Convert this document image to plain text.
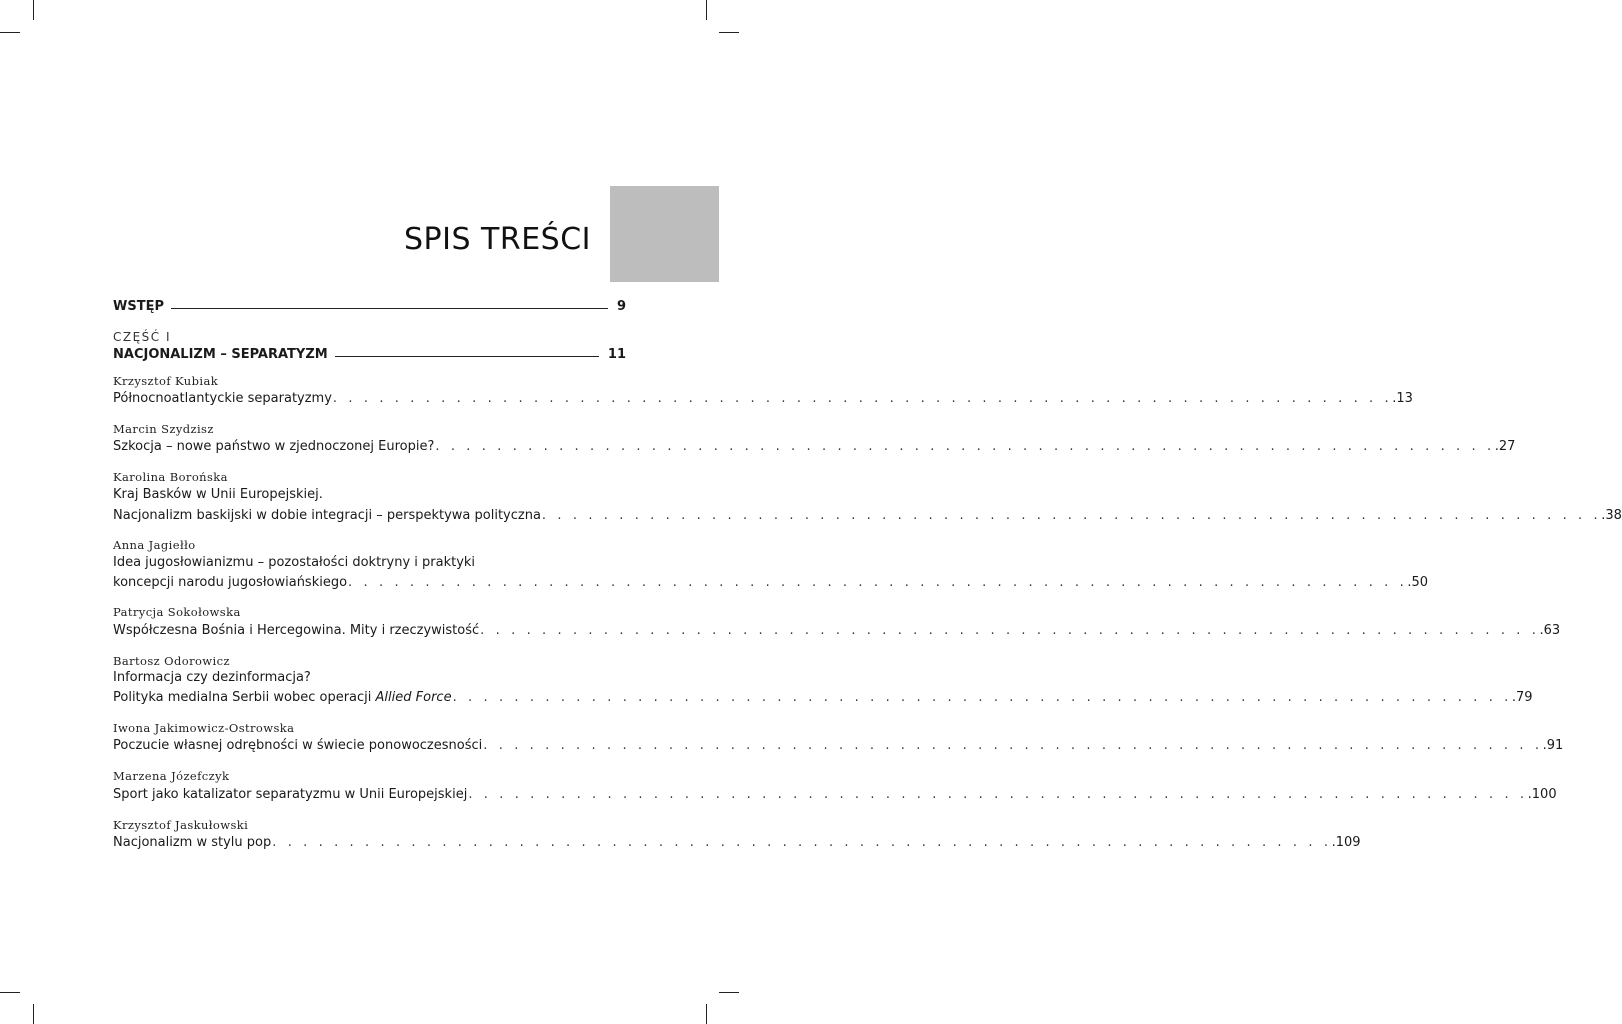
SPIS TREŚCI
WSTĘP	9
CZĘŚĆ I
NACJONALIZM – SEPARATYZM	11
Krzysztof Kubiak
Północnoatlantyckie separatyzmy . . . . . . . . . . . . . . . . . . . . . . . . . . . . . . . . . . . . . . . . . . . . . . . . . . . . . . . . . . . . . . . . . . . . . .13
Marcin Szydzisz
Szkocja – nowe państwo w zjednoczonej Europie? . . . . . . . . . . . . . . . . . . . . . . . . . . . . . . . . . . . . . . . . . . . . . . . . . . . . . . . . . . . . . . . . . . . . . .27
Karolina Borońska
Kraj Basków w Unii Europejskiej.
Nacjonalizm baskijski w dobie integracji – perspektywa polityczna . . . . . . . . . . . . . . . . . . . . . . . . . . . . . . . . . . . . . . . . . . . . . . . . . . . . . . . . . . . . . . . . . . . . . .38
Anna Jagiełło
Idea jugosłowianizmu – pozostałości doktryny i praktyki
koncepcji narodu jugosłowiańskiego . . . . . . . . . . . . . . . . . . . . . . . . . . . . . . . . . . . . . . . . . . . . . . . . . . . . . . . . . . . . . . . . . . . . . .50
Patrycja Sokołowska
Współczesna Bośnia i Hercegowina. Mity i rzeczywistość . . . . . . . . . . . . . . . . . . . . . . . . . . . . . . . . . . . . . . . . . . . . . . . . . . . . . . . . . . . . . . . . . . . . . .63
Bartosz Odorowicz
Informacja czy dezinformacja?
Polityka medialna Serbii wobec operacji Allied Force . . . . . . . . . . . . . . . . . . . . . . . . . . . . . . . . . . . . . . . . . . . . . . . . . . . . . . . . . . . . . . . . . . . . . .79
Iwona Jakimowicz-Ostrowska
Poczucie własnej odrębności w świecie ponowoczesności . . . . . . . . . . . . . . . . . . . . . . . . . . . . . . . . . . . . . . . . . . . . . . . . . . . . . . . . . . . . . . . . . . . . . .91
Marzena Józefczyk
Sport jako katalizator separatyzmu w Unii Europejskiej . . . . . . . . . . . . . . . . . . . . . . . . . . . . . . . . . . . . . . . . . . . . . . . . . . . . . . . . . . . . . . . . . . . . . .100
Krzysztof Jaskułowski
Nacjonalizm w stylu pop . . . . . . . . . . . . . . . . . . . . . . . . . . . . . . . . . . . . . . . . . . . . . . . . . . . . . . . . . . . . . . . . . . . . . .109
